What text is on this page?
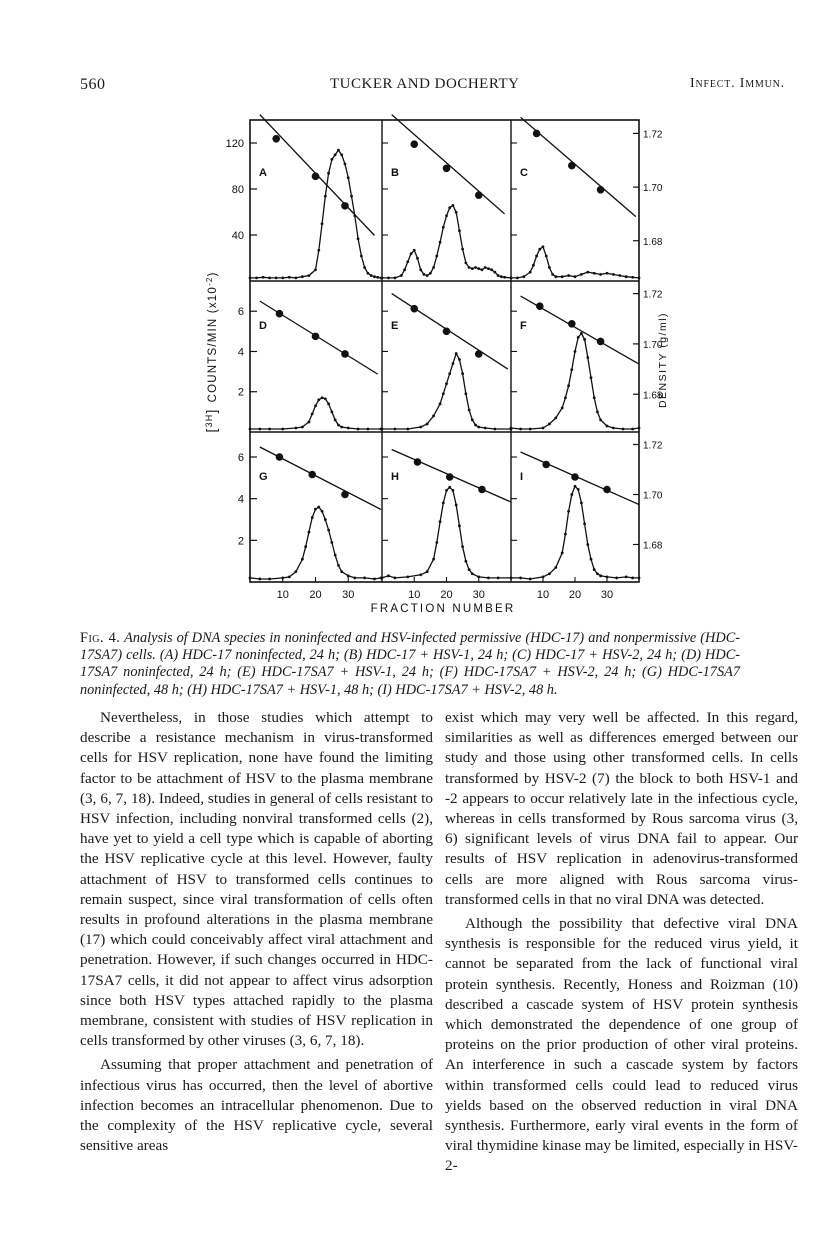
560	TUCKER AND DOCHERTY	Infect. Immun.
120
80
40
1.72
1.70
1.68
6
4
2
1.72
1.70
1.68
6
4
2
1.72
1.70
1.68
10 20 30	10 20 30	10 20 30
A	B	C
D	E	F
G	H	I
[$^{3H}$]COUNTS/MIN $(x10^{-2})$
DENSITY (g/ml)
FRACTION NUMBER
Fig. 4. Analysis of DNA species in noninfected and HSV-infected permissive (HDC-17) and nonpermissive (HDC-17SA7) cells. (A) HDC-17 noninfected, 24 h; (B) HDC-17 + HSV-1, 24 h; (C) HDC-17 + HSV-2, 24 h; (D) HDC-17SA7 noninfected, 24 h; (E) HDC-17SA7 + HSV-1, 24 h; (F) HDC-17SA7 + HSV-2, 24 h; (G) HDC-17SA7 noninfected, 48 h; (H) HDC-17SA7 + HSV-1, 48 h; (I) HDC-17SA7 + HSV-2, 48 h.

Nevertheless, in those studies which attempt to describe a resistance mechanism in virus-transformed cells for HSV replication, none have found the limiting factor to be attachment of HSV to the plasma membrane (3, 6, 7, 18). Indeed, studies in general of cells resistant to HSV infection, including nonviral transformed cells (2), have yet to yield a cell type which is capable of aborting the HSV replicative cycle at this level. However, faulty attachment of HSV to transformed cells continues to remain suspect, since viral transformation of cells often results in profound alterations in the plasma membrane (17) which could conceivably affect viral attachment and penetration. However, if such changes occurred in HDC-17SA7 cells, it did not appear to affect virus adsorption since both HSV types attached rapidly to the plasma membrane, consistent with studies of HSV replication in cells transformed by other viruses (3, 6, 7, 18).

Assuming that proper attachment and penetration of infectious virus has occurred, then the level of abortive infection becomes an intracellular phenomenon. Due to the complexity of the HSV replicative cycle, several sensitive areas

exist which may very well be affected. In this regard, similarities as well as differences emerged between our study and those using other transformed cells. In cells transformed by HSV-2 (7) the block to both HSV-1 and -2 appears to occur relatively late in the infectious cycle, whereas in cells transformed by Rous sarcoma virus (3, 6) significant levels of virus DNA fail to appear. Our results of HSV replication in adenovirus-transformed cells are more aligned with Rous sarcoma virus-transformed cells in that no viral DNA was detected.

Although the possibility that defective viral DNA synthesis is responsible for the reduced virus yield, it cannot be separated from the lack of functional viral protein synthesis. Recently, Honess and Roizman (10) described a cascade system of HSV protein synthesis which demonstrated the dependence of one group of proteins on the prior production of other viral proteins. An interference in such a cascade system by factors within transformed cells could lead to reduced virus yields based on the observed reduction in viral DNA synthesis. Furthermore, early viral events in the form of viral thymidine kinase may be limited, especially in HSV-2-
